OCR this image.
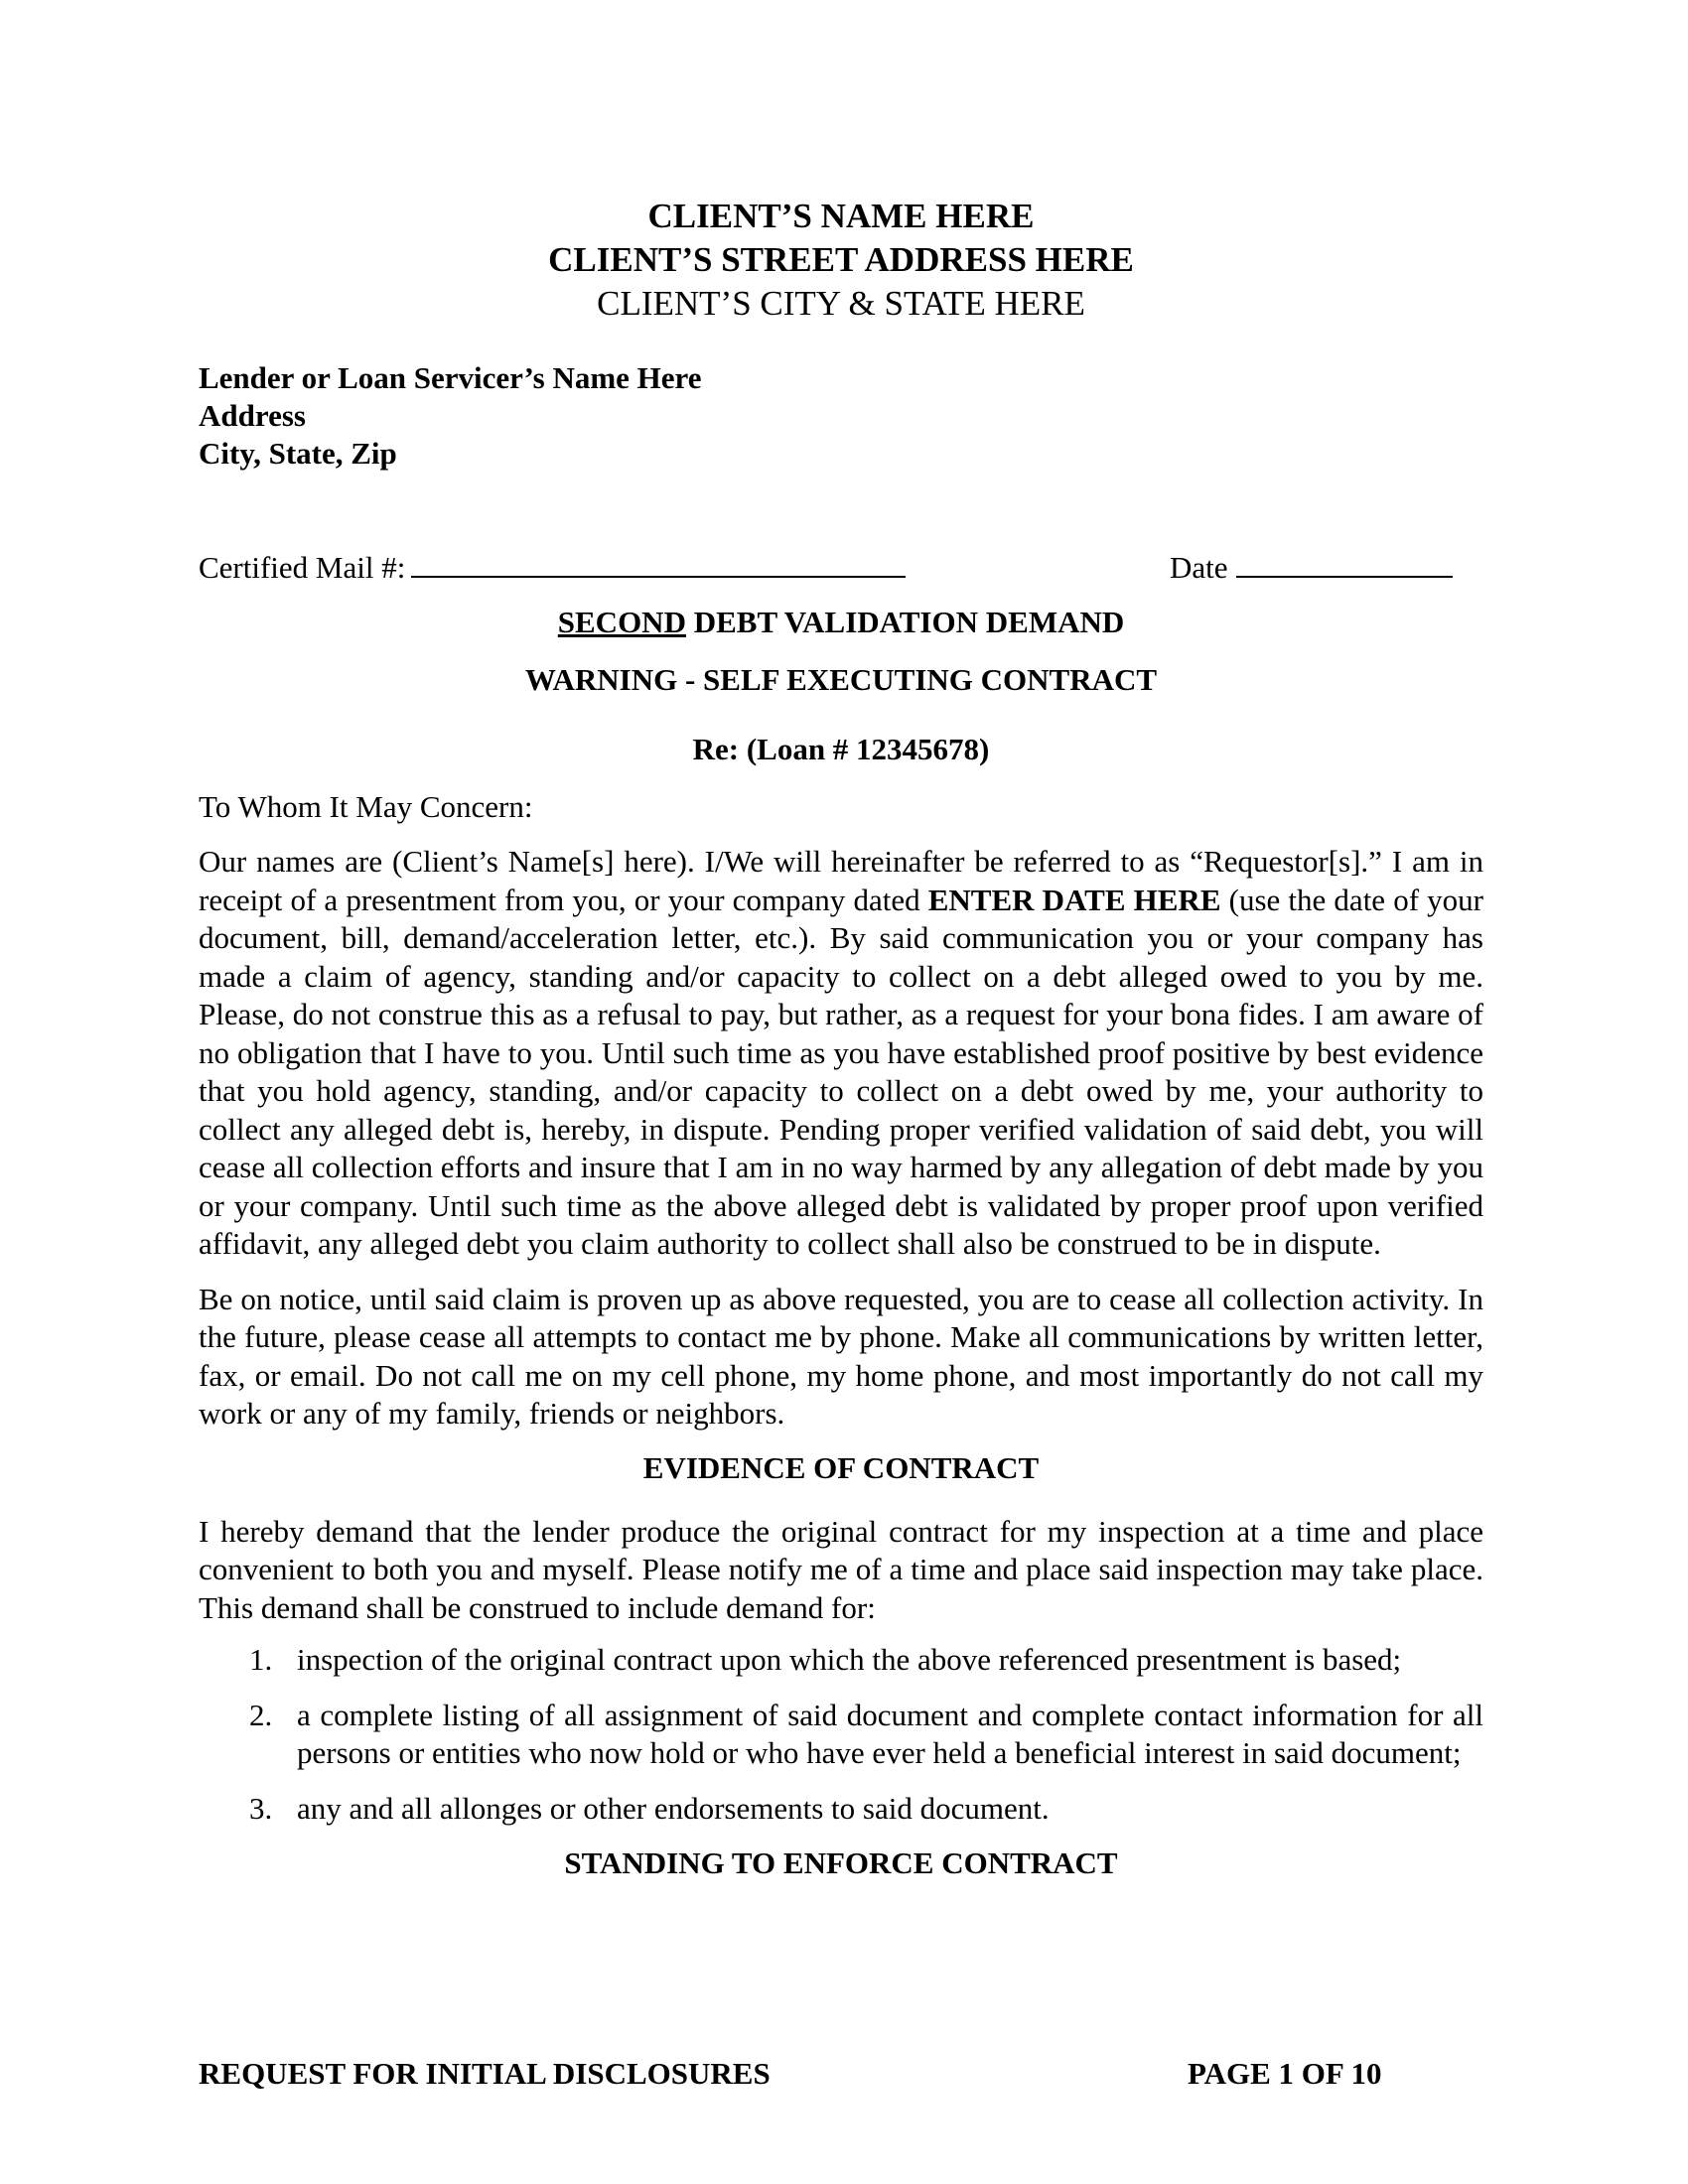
CLIENT’S NAME HERE
CLIENT’S STREET ADDRESS HERE
CLIENT’S CITY & STATE HERE
Lender or Loan Servicer’s Name Here
Address
City, State, Zip
Certified Mail #:	Date
SECOND DEBT VALIDATION DEMAND
WARNING - SELF EXECUTING CONTRACT
Re: (Loan # 12345678)
To Whom It May Concern:

Our names are (Client’s Name[s] here). I/We will hereinafter be referred to as “Requestor[s].” I am in receipt of a presentment from you, or your company dated ENTER DATE HERE (use the date of your document, bill, demand/acceleration letter, etc.). By said communication you or your company has made a claim of agency, standing and/or capacity to collect on a debt alleged owed to you by me. Please, do not construe this as a refusal to pay, but rather, as a request for your bona fides. I am aware of no obligation that I have to you. Until such time as you have established proof positive by best evidence that you hold agency, standing, and/or capacity to collect on a debt owed by me, your authority to collect any alleged debt is, hereby, in dispute. Pending proper verified validation of said debt, you will cease all collection efforts and insure that I am in no way harmed by any allegation of debt made by you or your company. Until such time as the above alleged debt is validated by proper proof upon verified affidavit, any alleged debt you claim authority to collect shall also be construed to be in dispute.

Be on notice, until said claim is proven up as above requested, you are to cease all collection activity. In the future, please cease all attempts to contact me by phone. Make all communications by written letter, fax, or email. Do not call me on my cell phone, my home phone, and most importantly do not call my work or any of my family, friends or neighbors.

EVIDENCE OF CONTRACT

I hereby demand that the lender produce the original contract for my inspection at a time and place convenient to both you and myself. Please notify me of a time and place said inspection may take place. This demand shall be construed to include demand for:

1. inspection of the original contract upon which the above referenced presentment is based;
2. a complete listing of all assignment of said document and complete contact information for all persons or entities who now hold or who have ever held a beneficial interest in said document;
3. any and all allonges or other endorsements to said document.
STANDING TO ENFORCE CONTRACT
REQUEST FOR INITIAL DISCLOSURES	PAGE 1 OF 10
